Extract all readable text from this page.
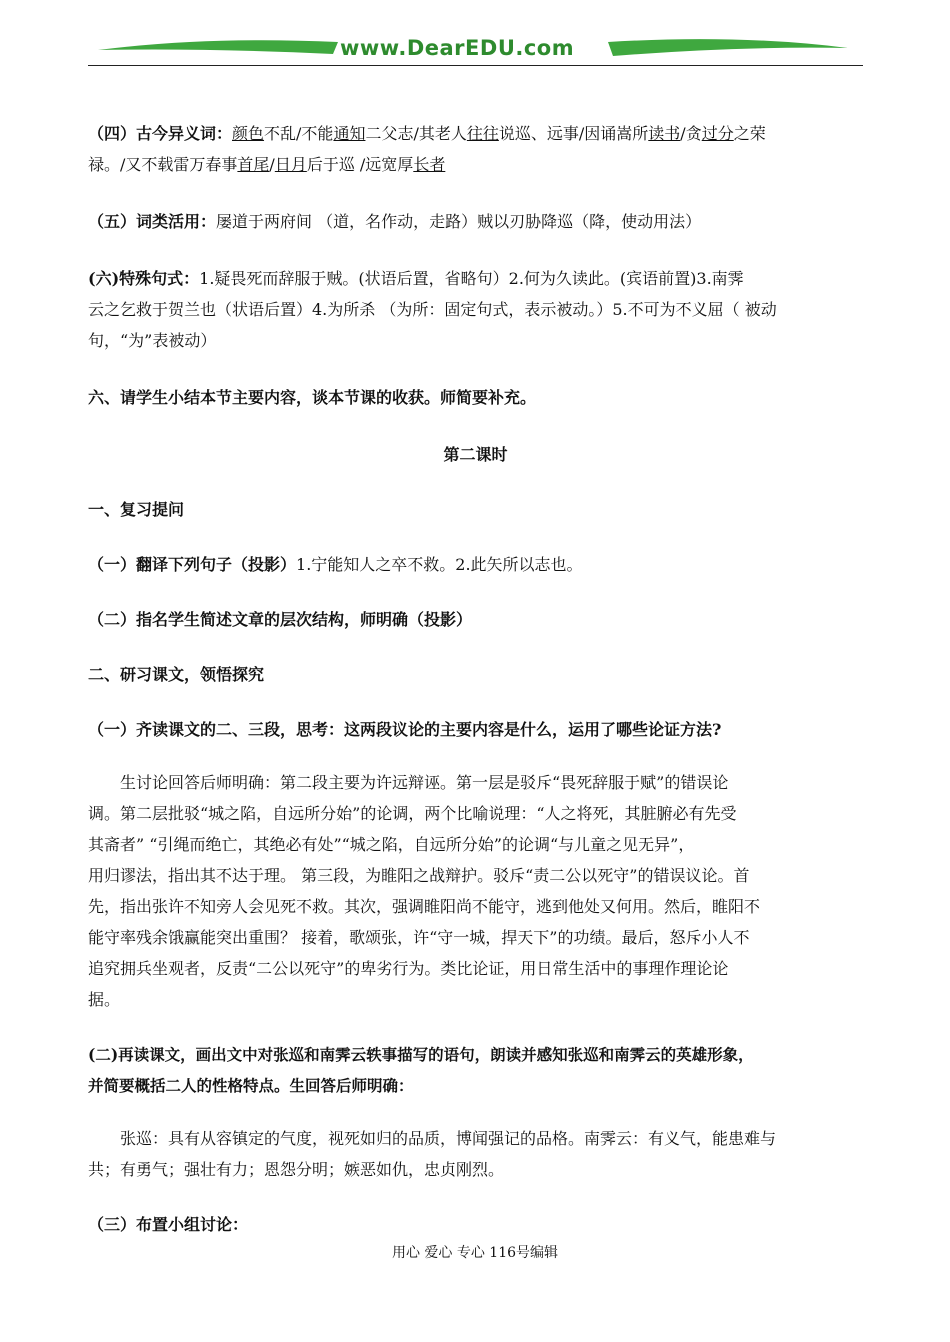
www.DearEDU.com

（四）古今异义词：颜色不乱/不能通知二父志/其老人往往说巡、远事/因诵嵩所读书/贪过分之荣
禄。/又不载雷万春事首尾/日月后于巡 /远宽厚长者

（五）词类活用：屡道于两府间 （道，名作动，走路）贼以刃胁降巡（降，使动用法）

(六)特殊句式：1.疑畏死而辞服于贼。(状语后置，省略句）2.何为久读此。(宾语前置)3.南霁
云之乞救于贺兰也（状语后置）4.为所杀 （为所：固定句式，表示被动。）5.不可为不义屈（ 被动
句，“为”表被动）

六、请学生小结本节主要内容，谈本节课的收获。师简要补充。

第二课时

一、复习提问

（一）翻译下列句子（投影）1.宁能知人之卒不救。2.此矢所以志也。

（二）指名学生简述文章的层次结构，师明确（投影）

二、研习课文，领悟探究

（一）齐读课文的二、三段，思考：这两段议论的主要内容是什么，运用了哪些论证方法?

生讨论回答后师明确：第二段主要为许远辩诬。第一层是驳斥“畏死辞服于赋”的错误论
调。第二层批驳“城之陷，自远所分始”的论调，两个比喻说理：“人之将死，其脏腑必有先受
其斋者” “引绳而绝亡，其绝必有处”“城之陷，自远所分始”的论调“与儿童之见无异”，
用归谬法，指出其不达于理。 第三段，为睢阳之战辩护。驳斥“责二公以死守”的错误议论。首
先，指出张许不知旁人会见死不救。其次，强调睢阳尚不能守，逃到他处又何用。然后，睢阳不
能守率残余饿赢能突出重围？ 接着，歌颂张，许“守一城，捍天下”的功绩。最后，怒斥小人不
追究拥兵坐观者，反责“二公以死守”的卑劣行为。类比论证，用日常生活中的事理作理论论
据。

(二)再读课文，画出文中对张巡和南霁云轶事描写的语句，朗读并感知张巡和南霁云的英雄形象，
并简要概括二人的性格特点。生回答后师明确：

张巡：具有从容镇定的气度，视死如归的品质，博闻强记的品格。南霁云：有义气，能患难与
共；有勇气；强壮有力；恩怨分明；嫉恶如仇，忠贞刚烈。

（三）布置小组讨论：

用心 爱心 专心 116号编辑
